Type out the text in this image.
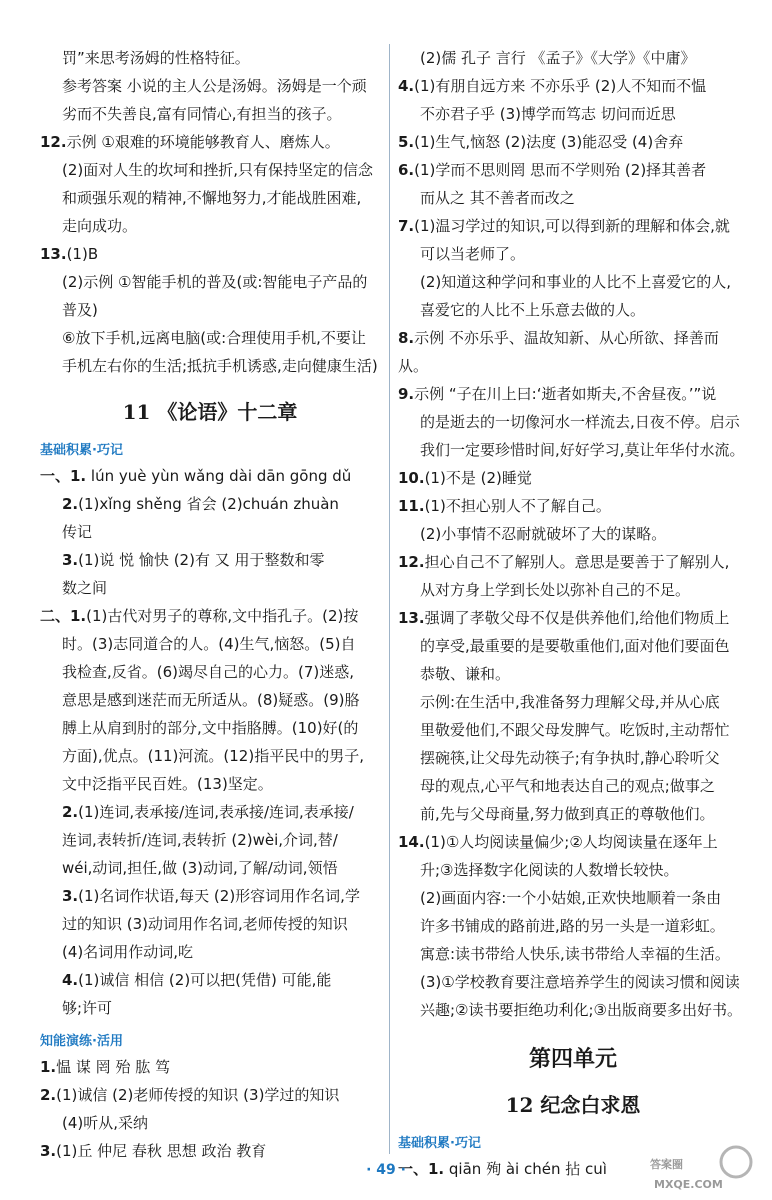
罚”来思考汤姆的性格特征。

参考答案 小说的主人公是汤姆。汤姆是一个顽

劣而不失善良,富有同情心,有担当的孩子。

12.示例 ①艰难的环境能够教育人、磨炼人。

(2)面对人生的坎坷和挫折,只有保持坚定的信念

和顽强乐观的精神,不懈地努力,才能战胜困难,

走向成功。

13.(1)B

(2)示例 ①智能手机的普及(或:智能电子产品的

普及)

⑥放下手机,远离电脑(或:合理使用手机,不要让

手机左右你的生活;抵抗手机诱惑,走向健康生活)

11 《论语》十二章
基础积累·巧记

一、1. lún yuè yùn wǎng dài dān gōng dǔ

2.(1)xǐng shěng 省会 (2)chuán zhuàn

传记

3.(1)说 悦 愉快 (2)有 又 用于整数和零

数之间

二、1.(1)古代对男子的尊称,文中指孔子。(2)按

时。(3)志同道合的人。(4)生气,恼怒。(5)自

我检查,反省。(6)竭尽自己的心力。(7)迷惑,

意思是感到迷茫而无所适从。(8)疑惑。(9)胳

膊上从肩到肘的部分,文中指胳膊。(10)好(的

方面),优点。(11)河流。(12)指平民中的男子,

文中泛指平民百姓。(13)坚定。

2.(1)连词,表承接/连词,表承接/连词,表承接/

连词,表转折/连词,表转折 (2)wèi,介词,替/

wéi,动词,担任,做 (3)动词,了解/动词,领悟

3.(1)名词作状语,每天 (2)形容词用作名词,学

过的知识 (3)动词用作名词,老师传授的知识

(4)名词用作动词,吃

4.(1)诚信 相信 (2)可以把(凭借) 可能,能

够;许可

知能演练·活用

1.愠 谋 罔 殆 肱 笃

2.(1)诚信 (2)老师传授的知识 (3)学过的知识

(4)听从,采纳

3.(1)丘 仲尼 春秋 思想 政治 教育

(2)儒 孔子 言行 《孟子》《大学》《中庸》

4.(1)有朋自远方来 不亦乐乎 (2)人不知而不愠

不亦君子乎 (3)博学而笃志 切问而近思

5.(1)生气,恼怒 (2)法度 (3)能忍受 (4)舍弃

6.(1)学而不思则罔 思而不学则殆 (2)择其善者

而从之 其不善者而改之

7.(1)温习学过的知识,可以得到新的理解和体会,就

可以当老师了。

(2)知道这种学问和事业的人比不上喜爱它的人,

喜爱它的人比不上乐意去做的人。

8.示例 不亦乐乎、温故知新、从心所欲、择善而从。

9.示例 “子在川上曰:‘逝者如斯夫,不舍昼夜。’”说

的是逝去的一切像河水一样流去,日夜不停。启示

我们一定要珍惜时间,好好学习,莫让年华付水流。

10.(1)不是 (2)睡觉

11.(1)不担心别人不了解自己。

(2)小事情不忍耐就破坏了大的谋略。

12.担心自己不了解别人。意思是要善于了解别人,

从对方身上学到长处以弥补自己的不足。

13.强调了孝敬父母不仅是供养他们,给他们物质上

的享受,最重要的是要敬重他们,面对他们要面色

恭敬、谦和。

示例:在生活中,我准备努力理解父母,并从心底

里敬爱他们,不跟父母发脾气。吃饭时,主动帮忙

摆碗筷,让父母先动筷子;有争执时,静心聆听父

母的观点,心平气和地表达自己的观点;做事之

前,先与父母商量,努力做到真正的尊敬他们。

14.(1)①人均阅读量偏少;②人均阅读量在逐年上

升;③选择数字化阅读的人数增长较快。

(2)画面内容:一个小姑娘,正欢快地顺着一条由

许多书铺成的路前进,路的另一头是一道彩虹。

寓意:读书带给人快乐,读书带给人幸福的生活。

(3)①学校教育要注意培养学生的阅读习惯和阅读

兴趣;②读书要拒绝功利化;③出版商要多出好书。

第四单元
12 纪念白求恩
基础积累·巧记

一、1. qiān 殉 ài chén 拈 cuì

· 49 ·	答案圈
MXQE.COM
